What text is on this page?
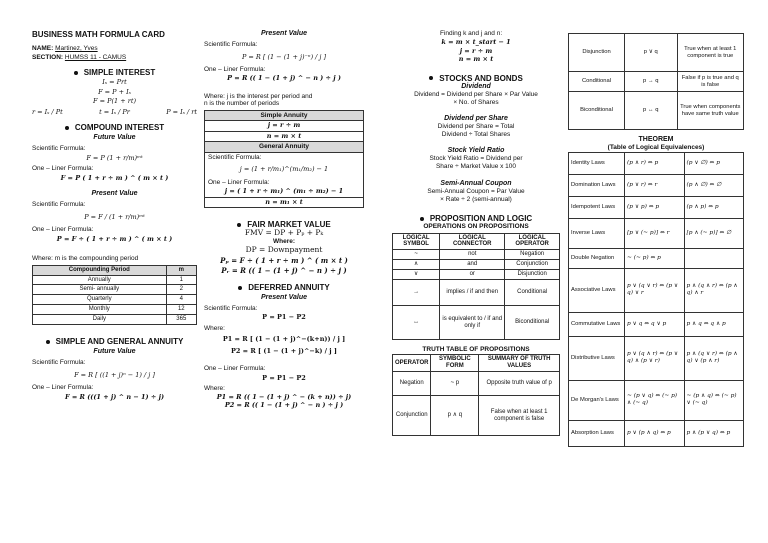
BUSINESS MATH FORMULA CARD
NAME: Martinez, Yves
SECTION: HUMSS 11 - CAMUS
SIMPLE INTEREST
Iₛ = Prt
F = P + Iₛ
F = P(1 + rt)
r = Iₛ / Pt	t = Iₛ / Pr	P = Iₛ / rt
COMPOUND INTEREST
Future Value
Scientific Formula:
F = P (1 + r/m)ᵐᵗ
One – Liner Formula:
F = P ( 1 + r ÷ m ) ^ ( m × t )
Present Value
Scientific Formula:
P = F / (1 + r/m)ᵐᵗ
One – Liner Formula:
P = F ÷ ( 1 + r ÷ m ) ^ ( m × t )
Where: m is the compounding period
Compounding Period	m
Annually	1
Semi- annually	2
Quarterly	4
Monthly	12
Daily	365
SIMPLE AND GENERAL ANNUITY
Future Value
Scientific Formula:
F = R [ ((1 + j)ⁿ − 1) / j ]
One – Liner Formula:
F = R (((1 + j) ^ n − 1) ÷ j)
Present Value
Scientific Formula:
P = R [ (1 − (1 + j)⁻ⁿ) / j ]
One – Liner Formula:
P = R (( 1 − (1 + j) ^ − n ) ÷ j )
Where: j is the interest per period and
n is the number of periods
Simple Annuity
j = r ÷ m
n = m × t
General Annuity
Scientific Formula:
j = (1 + r/m₁)^(m₁/m₂) − 1
One – Liner Formula:
j = ( 1 + r ÷ m₁) ^ (m₁ ÷ m₂) − 1
n = m₁ × t
FAIR MARKET VALUE
FMV = DP + Pₚ + Pₖ
Where:
DP = Downpayment
Pₚ = F ÷ ( 1 + r ÷ m ) ^ ( m × t )
Pᵣ = R (( 1 − (1 + j) ^ − n ) ÷ j )
DEFERRED ANNUITY
Present Value
Scientific Formula:
P = P1 − P2
Where:
P1 = R [ (1 − (1 + j)^−(k+n)) / j ]
P2 = R [ (1 − (1 + j)^−k) / j ]
One – Liner Formula:
P = P1 − P2
Where:
P1 = R (( 1 − (1 + j) ^ − (k + n)) ÷ j)
P2 = R (( 1 − (1 + j) ^ − n ) ÷ j )
Finding k and j and n:
k = m × t_start − 1
j = r ÷ m
n = m × t
STOCKS AND BONDS
Dividend
Dividend = Dividend per Share × Par Value × No. of Shares
Dividend per Share
Dividend per Share = Total
Dividend ÷ Total Shares
Stock Yield Ratio
Stock Yield Ratio = Dividend per
Share ÷ Market Value x 100
Semi-Annual Coupon
Semi-Annual Coupon = Par Value
× Rate ÷ 2 (semi-annual)
PROPOSITION AND LOGIC
OPERATIONS ON PROPOSITIONS
LOGICAL SYMBOL	LOGICAL CONNECTOR	LOGICAL OPERATOR
~	not	Negation
∧	and	Conjunction
∨	or	Disjunction
→	implies / if and then	Conditional
↔	is equivalent to / if and only if	Biconditional
TRUTH TABLE OF PROPOSITIONS
OPERATOR	SYMBOLIC FORM	SUMMARY OF TRUTH VALUES
Negation	~ p	Opposite truth value of p
Conjunction	p ∧ q	False when at least 1 component is false
Disjunction	p ∨ q	True when at least 1 component is true
Conditional	p → q	False if p is true and q is false
Biconditional	p ↔ q	True when components have same truth value
THEOREM
(Table of Logical Equivalences)
Identity Laws	(p ∧ r) ⇔ p	(p ∨ ∅) ⇔ p
Domination Laws	(p ∨ r) ⇔ r	(p ∧ ∅) ⇔ ∅
Idempotent Laws	(p ∨ p) ⇔ p	(p ∧ p) ⇔ p
Inverse Laws	[p ∨ (~ p)] ⇔ r	[p ∧ (~ p)] ⇔ ∅
Double Negation	~ (~ p) ⇔ p	
Associative Laws	p ∨ (q ∨ r) ⇔ (p ∨ q) ∨ r	p ∧ (q ∧ r) ⇔ (p ∧ q) ∧ r
Commutative Laws	p ∨ q ⇔ q ∨ p	p ∧ q ⇔ q ∧ p
Distributive Laws	p ∨ (q ∧ r) ⇔ (p ∨ q) ∧ (p ∨ r)	p ∧ (q ∨ r) ⇔ (p ∧ q) ∨ (p ∧ r)
De Morgan's Laws	~ (p ∨ q) ⇔ (~ p) ∧ (~ q)	~ (p ∧ q) ⇔ (~ p) ∨ (~ q)
Absorption Laws	p ∨ (p ∧ q) ⇔ p	p ∧ (p ∨ q) ⇔ p
